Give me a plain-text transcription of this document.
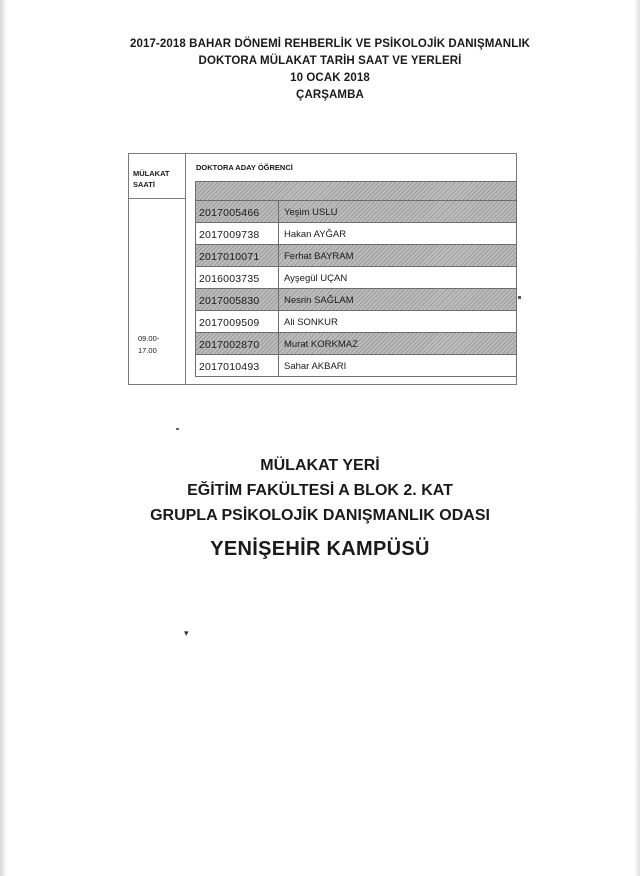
2017-2018 BAHAR DÖNEMİ REHBERLİK VE PSİKOLOJİK DANIŞMANLIK
DOKTORA MÜLAKAT TARİH SAAT VE YERLERİ
10 OCAK 2018
ÇARŞAMBA
MÜLAKAT
SAATİ
DOKTORA ADAY ÖĞRENCİ
09.00-
17.00
2017005466	Yeşim USLU
2017009738	Hakan AYĞAR
2017010071	Ferhat BAYRAM
2016003735	Ayşegül UÇAN
2017005830	Nesrin SAĞLAM
2017009509	Ali SONKUR
2017002870	Murat KORKMAZ
2017010493	Sahar AKBARI
MÜLAKAT YERİ
EĞİTİM FAKÜLTESİ A BLOK 2. KAT
GRUPLA PSİKOLOJİK DANIŞMANLIK ODASI
YENİŞEHİR KAMPÜSÜ
▾
